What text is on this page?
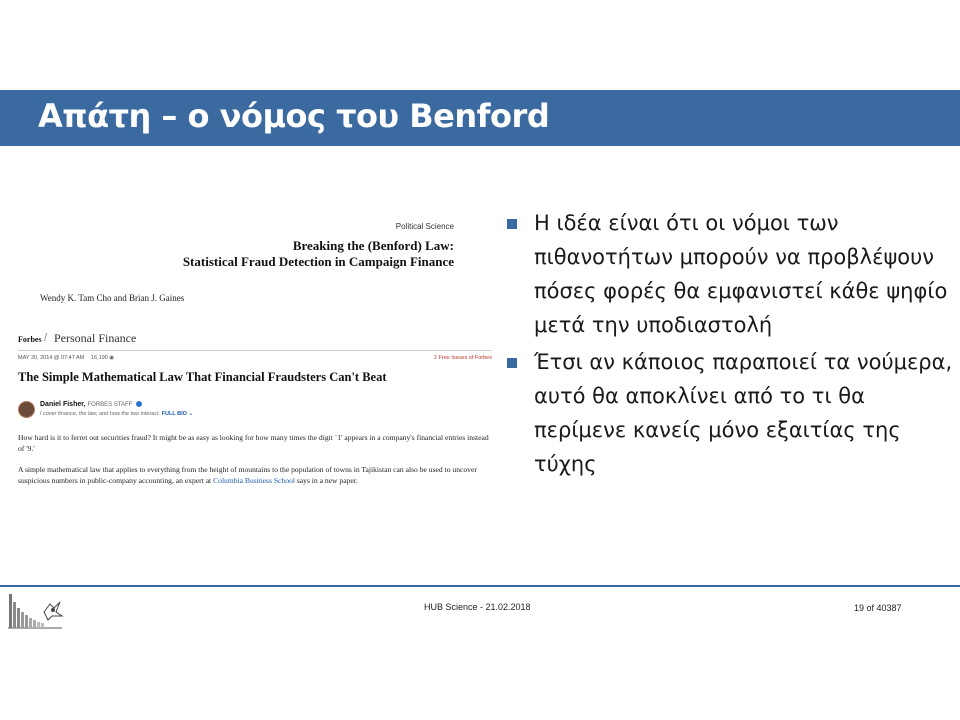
Απάτη – ο νόμος του Benford
Political Science
Breaking the (Benford) Law:
Statistical Fraud Detection in Campaign Finance
Wendy K. Tam Cho and Brian J. Gaines
Forbes / Personal Finance
MAY 30, 2014 @ 07:47 AM 16,190 ◉	2 Free Issues of Forbes
The Simple Mathematical Law That Financial Fraudsters Can't Beat
Daniel Fisher, FORBES STAFF
I cover finance, the law, and how the two interact. FULL BIO ⌄
How hard is it to ferret out securities fraud? It might be as easy as looking for how many times the digit `1' appears in a company's financial entries instead of '9.'
A simple mathematical law that applies to everything from the height of mountains to the population of towns in Tajikistan can also be used to uncover suspicious numbers in public-company accounting, an expert at Columbia Business School says in a new paper.
Η ιδέα είναι ότι οι νόμοι των πιθανοτήτων μπορούν να προβλέψουν πόσες φορές θα εμφανιστεί κάθε ψηφίο μετά την υποδιαστολή
Έτσι αν κάποιος παραποιεί τα νούμερα, αυτό θα αποκλίνει από το τι θα περίμενε κανείς μόνο εξαιτίας της τύχης
HUB Science - 21.02.2018	19 of 40387
